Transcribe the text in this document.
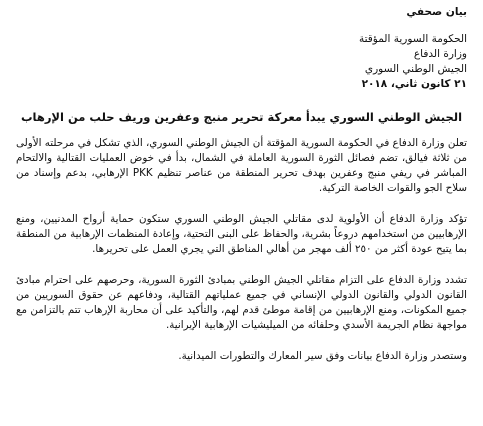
بيان صحفي

الحكومة السورية المؤقتة

وزارة الدفاع

الجيش الوطني السوري

٢١ كانون ثاني، ٢٠١٨

الجيش الوطني السوري يبدأ معركة تحرير منبج وعفرين وريف حلب من الإرهاب

تعلن وزارة الدفاع في الحكومة السورية المؤقتة أن الجيش الوطني السوري، الذي تشكل في مرحلته الأولى من ثلاثة فيالق، تضم فصائل الثورة السورية العاملة في الشمال، بدأ في خوض العمليات القتالية والالتحام المباشر في ريفي منبج وعفرين بهدف تحرير المنطقة من عناصر تنظيم PKK الإرهابي، بدعم وإسناد من سلاح الجو والقوات الخاصة التركية.

تؤكد وزارة الدفاع أن الأولوية لدى مقاتلي الجيش الوطني السوري ستكون حماية أرواح المدنيين، ومنع الإرهابيين من استخدامهم دروعاً بشرية، والحفاظ على البنى التحتية، وإعادة المنظمات الإرهابية من المنطقة بما يتيح عودة أكثر من ٢٥٠ ألف مهجر من أهالي المناطق التي يجري العمل على تحريرها.

تشدد وزارة الدفاع على التزام مقاتلي الجيش الوطني بمبادئ الثورة السورية، وحرصهم على احترام مبادئ القانون الدولي والقانون الدولي الإنساني في جميع عملياتهم القتالية، ودفاعهم عن حقوق السوريين من جميع المكونات، ومنع الإرهابيين من إقامة موطئ قدم لهم، والتأكيد على أن محاربة الإرهاب تتم بالتزامن مع مواجهة نظام الجريمة الأسدي وحلفائه من الميليشيات الإرهابية الإيرانية.

وستصدر وزارة الدفاع بيانات وفق سير المعارك والتطورات الميدانية.
